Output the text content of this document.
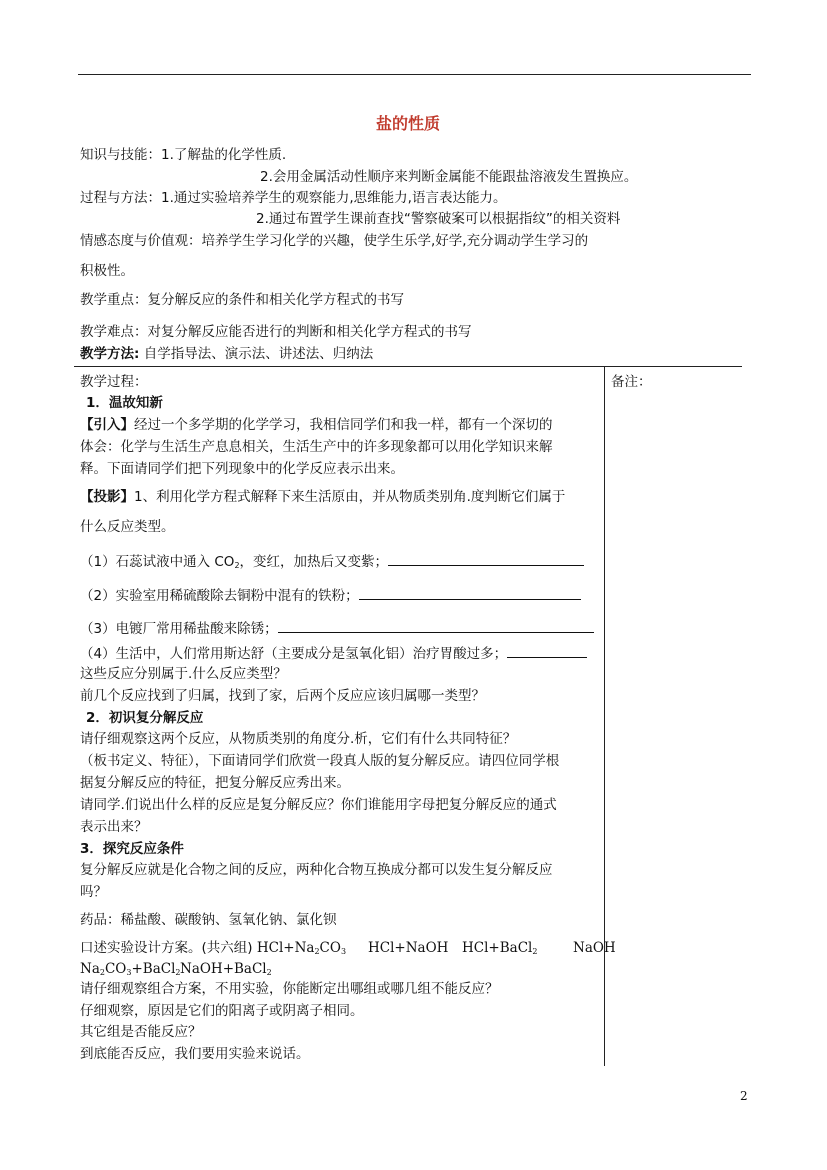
盐的性质
知识与技能：1.了解盐的化学性质.
2.会用金属活动性顺序来判断金属能不能跟盐溶液发生置换应。
过程与方法：1.通过实验培养学生的观察能力,思维能力,语言表达能力。
2.通过布置学生课前查找“警察破案可以根据指纹”的相关资料
情感态度与价值观：培养学生学习化学的兴趣，使学生乐学,好学,充分调动学生学习的
积极性。
教学重点：复分解反应的条件和相关化学方程式的书写
教学难点：对复分解反应能否进行的判断和相关化学方程式的书写
教学方法: 自学指导法、演示法、讲述法、归纳法
教学过程：	备注：
1．温故知新
【引入】经过一个多学期的化学学习，我相信同学们和我一样，都有一个深切的
体会：化学与生活生产息息相关，生活生产中的许多现象都可以用化学知识来解
释。下面请同学们把下列现象中的化学反应表示出来。
【投影】1、利用化学方程式解释下来生活原由，并从物质类别角.度判断它们属于
什么反应类型。
（1）石蕊试液中通入 $CO_2$，变红，加热后又变紫；
（2）实验室用稀硫酸除去铜粉中混有的铁粉；
（3）电镀厂常用稀盐酸来除锈；
（4）生活中，人们常用斯达舒（主要成分是氢氧化铝）治疗胃酸过多；
这些反应分别属于.什么反应类型？
前几个反应找到了归属，找到了家，后两个反应应该归属哪一类型？
2．初识复分解反应
请仔细观察这两个反应，从物质类别的角度分.析，它们有什么共同特征？
（板书定义、特征），下面请同学们欣赏一段真人版的复分解反应。请四位同学根
据复分解反应的特征，把复分解反应秀出来。
请同学.们说出什么样的反应是复分解反应？你们谁能用字母把复分解反应的通式
表示出来？
3．探究反应条件
复分解反应就是化合物之间的反应，两种化合物互换成分都可以发生复分解反应
吗？
药品：稀盐酸、碳酸钠、氢氧化钠、氯化钡
口述实验设计方案。(共六组) $HCl+Na_2CO_3$ HCl+NaOH HCl+BaCl$_2$	NaOH
$Na_2CO_3+BaCl_2$ NaOH+BaCl$_2$
请仔细观察组合方案，不用实验，你能断定出哪组或哪几组不能反应？
仔细观察，原因是它们的阳离子或阴离子相同。
其它组是否能反应？
到底能否反应，我们要用实验来说话。
2
